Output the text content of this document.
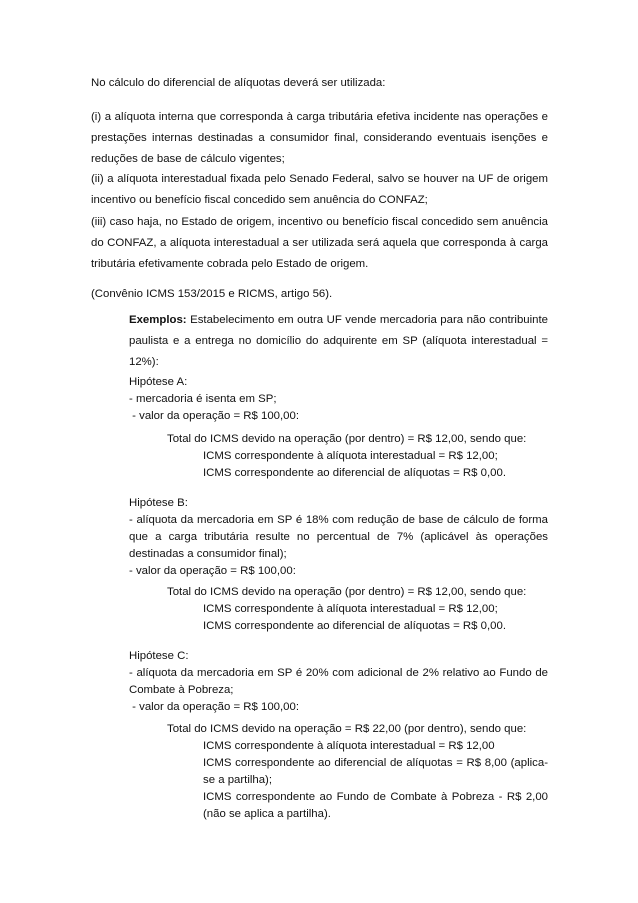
No cálculo do diferencial de alíquotas deverá ser utilizada:

(i) a alíquota interna que corresponda à carga tributária efetiva incidente nas operações e prestações internas destinadas a consumidor final, considerando eventuais isenções e reduções de base de cálculo vigentes;

(ii) a alíquota interestadual fixada pelo Senado Federal, salvo se houver na UF de origem incentivo ou benefício fiscal concedido sem anuência do CONFAZ;

(iii) caso haja, no Estado de origem, incentivo ou benefício fiscal concedido sem anuência do CONFAZ, a alíquota interestadual a ser utilizada será aquela que corresponda à carga tributária efetivamente cobrada pelo Estado de origem.

(Convênio ICMS 153/2015 e RICMS, artigo 56).

Exemplos: Estabelecimento em outra UF vende mercadoria para não contribuinte paulista e a entrega no domicílio do adquirente em SP (alíquota interestadual = 12%):

Hipótese A:

- mercadoria é isenta em SP;

- valor da operação = R$ 100,00:

Total do ICMS devido na operação (por dentro) = R$ 12,00, sendo que:

ICMS correspondente à alíquota interestadual = R$ 12,00;

ICMS correspondente ao diferencial de alíquotas = R$ 0,00.

Hipótese B:

- alíquota da mercadoria em SP é 18% com redução de base de cálculo de forma que a carga tributária resulte no percentual de 7% (aplicável às operações destinadas a consumidor final);

- valor da operação = R$ 100,00:

Total do ICMS devido na operação (por dentro) = R$ 12,00, sendo que:

ICMS correspondente à alíquota interestadual = R$ 12,00;

ICMS correspondente ao diferencial de alíquotas = R$ 0,00.

Hipótese C:

- alíquota da mercadoria em SP é 20% com adicional de 2% relativo ao Fundo de Combate à Pobreza;

- valor da operação = R$ 100,00:

Total do ICMS devido na operação = R$ 22,00 (por dentro), sendo que:

ICMS correspondente à alíquota interestadual = R$ 12,00

ICMS correspondente ao diferencial de alíquotas = R$ 8,00 (aplica-se a partilha);

ICMS correspondente ao Fundo de Combate à Pobreza - R$ 2,00 (não se aplica a partilha).
